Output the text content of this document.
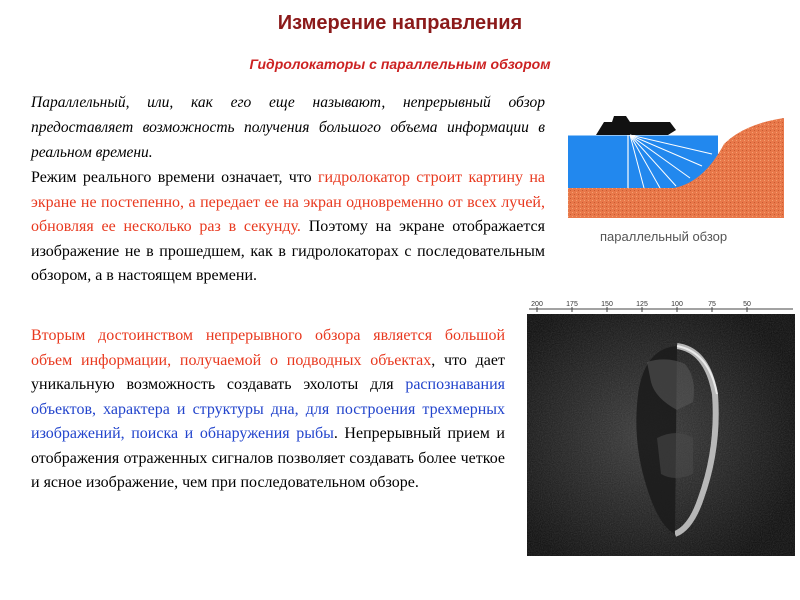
Измерение направления
Гидролокаторы с параллельным обзором
Параллельный, или, как его еще называют, непрерывный обзор предоставляет возможность получения большого объема информации в реальном времени.
Режим реального времени означает, что гидролокатор строит картину на экране не постепенно, а передает ее на экран одновременно от всех лучей, обновляя ее несколько раз в секунду. Поэтому на экране отображается изображение не в прошедшем, как в гидролокаторах с последовательным обзором, а в настоящем времени.
Вторым достоинством непрерывного обзора является большой объем информации, получаемой о подводных объектах, что дает уникальную возможность создавать эхолоты для распознавания объектов, характера и структуры дна, для построения трехмерных изображений, поиска и обнаружения рыбы. Непрерывный прием и отображения отраженных сигналов позволяет создавать более четкое и ясное изображение, чем при последовательном обзоре.
параллельный обзор
200	175	150	125	100	75	50
